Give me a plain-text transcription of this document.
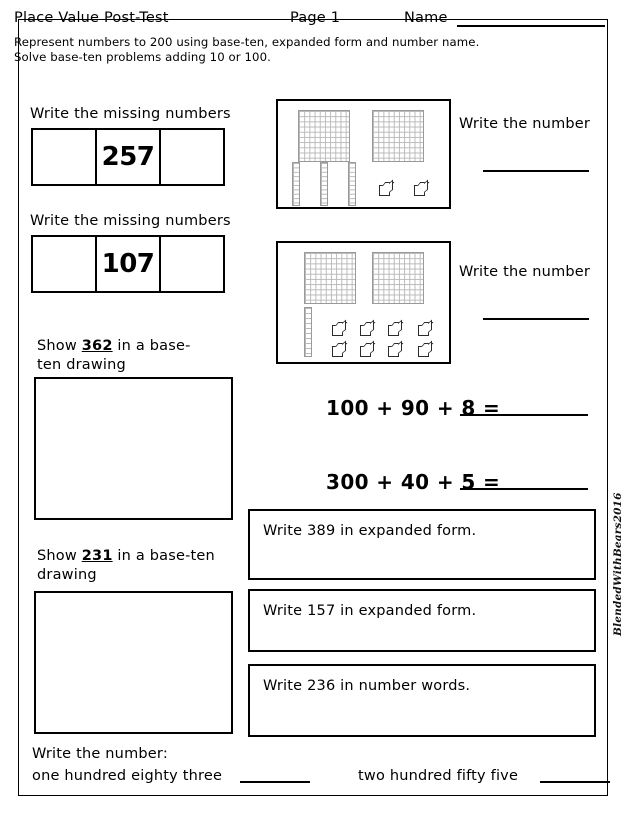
Place Value Post-Test	Page 1	Name
Represent numbers to 200 using base-ten, expanded form and number name.
Solve base-ten problems adding 10 or 100.
Write the missing numbers
257
Write the missing numbers
107
Show 362 in a base-
ten drawing
Show 231 in a base-ten
drawing
Write the number
Write the number
100 + 90 + 8 =
300 + 40 + 5 =
Write 389 in expanded form.
Write 157 in expanded form.
Write 236 in number words.
Write the number:
one hundred eighty three	two hundred fifty five
BlendedWithBears2016
